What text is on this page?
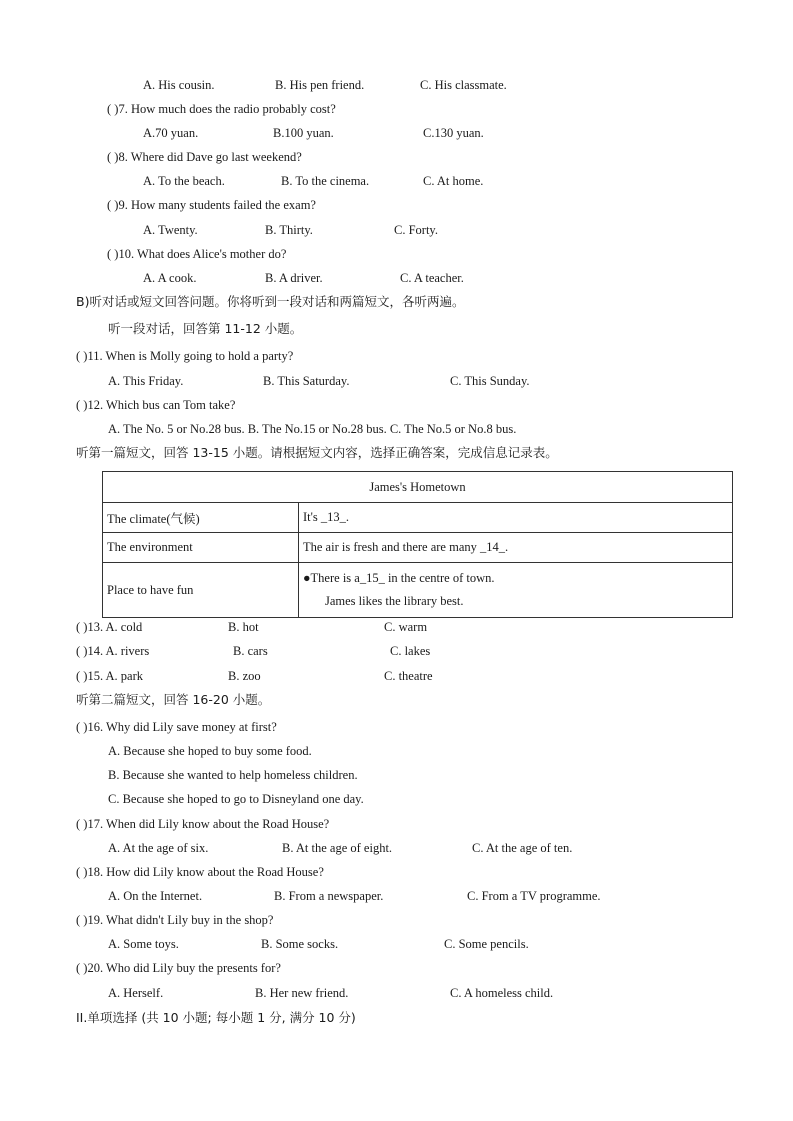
A. His cousin.	B. His pen friend.	C. His classmate.
( )7. How much does the radio probably cost?
A.70 yuan.	B.100 yuan.	C.130 yuan.
( )8. Where did Dave go last weekend?
A. To the beach.	B. To the cinema.	C. At home.
( )9. How many students failed the exam?
A. Twenty.	B. Thirty.	C. Forty.
( )10. What does Alice's mother do?
A. A cook.	B. A driver.	C. A teacher.
B)听对话或短文回答问题。你将听到一段对话和两篇短文，各听两遍。
听一段对话，回答第 11-12 小题。
( )11. When is Molly going to hold a party?
A. This Friday.	B. This Saturday.	C. This Sunday.
( )12. Which bus can Tom take?
A. The No. 5 or No.28 bus. B. The No.15 or No.28 bus. C. The No.5 or No.8 bus.
听第一篇短文，回答 13-15 小题。请根据短文内容，选择正确答案，完成信息记录表。
James's Hometown	
The climate(气候)	It's _13_.
The environment	The air is fresh and there are many _14_.
Place to have fun	●There is a_15_ in the centre of town.
James likes the library best.
( )13. A. cold	B. hot	C. warm
( )14. A. rivers	B. cars	C. lakes
( )15. A. park	B. zoo	C. theatre
听第二篇短文，回答 16-20 小题。
( )16. Why did Lily save money at first?
A. Because she hoped to buy some food.
B. Because she wanted to help homeless children.
C. Because she hoped to go to Disneyland one day.
( )17. When did Lily know about the Road House?
A. At the age of six.	B. At the age of eight.	C. At the age of ten.
( )18. How did Lily know about the Road House?
A. On the Internet.	B. From a newspaper.	C. From a TV programme.
( )19. What didn't Lily buy in the shop?
A. Some toys.	B. Some socks.	C. Some pencils.
( )20. Who did Lily buy the presents for?
A. Herself.	B. Her new friend.	C. A homeless child.
II.单项选择 (共 10 小题; 每小题 1 分, 满分 10 分)
